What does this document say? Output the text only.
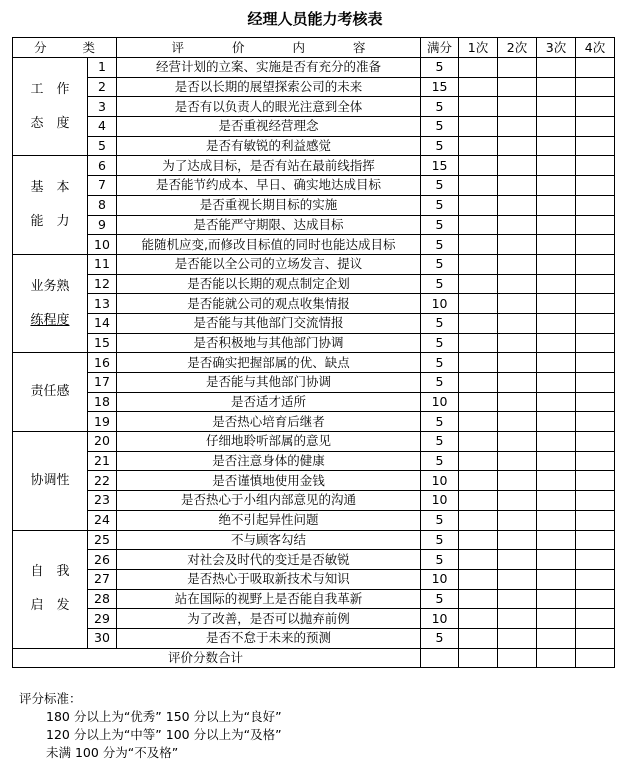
经理人员能力考核表
分 类		评 价 内 容	满分	1次	2次	3次	4次

工　作
态　度	1	经营计划的立案、实施是否有充分的准备	5				
	2	是否以长期的展望探索公司的未来	15				
	3	是否有以负责人的眼光注意到全体	5				
	4	是否重视经营理念	5				
	5	是否有敏锐的利益感觉	5				

基　本
能　力	6	为了达成目标，是否有站在最前线指挥	15				
	7	是否能节约成本、早日、确实地达成目标	5				
	8	是否重视长期目标的实施	5				
	9	是否能严守期限、达成目标	5				
	10	能随机应变,而修改目标值的同时也能达成目标	5				

业务熟
练程度	11	是否能以全公司的立场发言、提议	5				
	12	是否能以长期的观点制定企划	5				
	13	是否能就公司的观点收集情报	10				
	14	是否能与其他部门交流情报	5				
	15	是否积极地与其他部门协调	5				

责任感	16	是否确实把握部属的优、缺点	5				
	17	是否能与其他部门协调	5				
	18	是否适才适所	10				
	19	是否热心培育后继者	5				

协调性	20	仔细地聆听部属的意见	5				
	21	是否注意身体的健康	5				
	22	是否谨慎地使用金钱	10				
	23	是否热心于小组内部意见的沟通	10				
	24	绝不引起异性问题	5				

自　我
启　发	25	不与顾客勾结	5				
	26	对社会及时代的变迁是否敏锐	5				
	27	是否热心于吸取新技术与知识	10				
	28	站在国际的视野上是否能自我革新	5				
	29	为了改善，是否可以抛弃前例	10				
	30	是否不怠于未来的预测	5				
评价分数合计							
评分标准：
180 分以上为“优秀” 150 分以上为“良好”
120 分以上为“中等” 100 分以上为“及格”
未满 100 分为“不及格”
